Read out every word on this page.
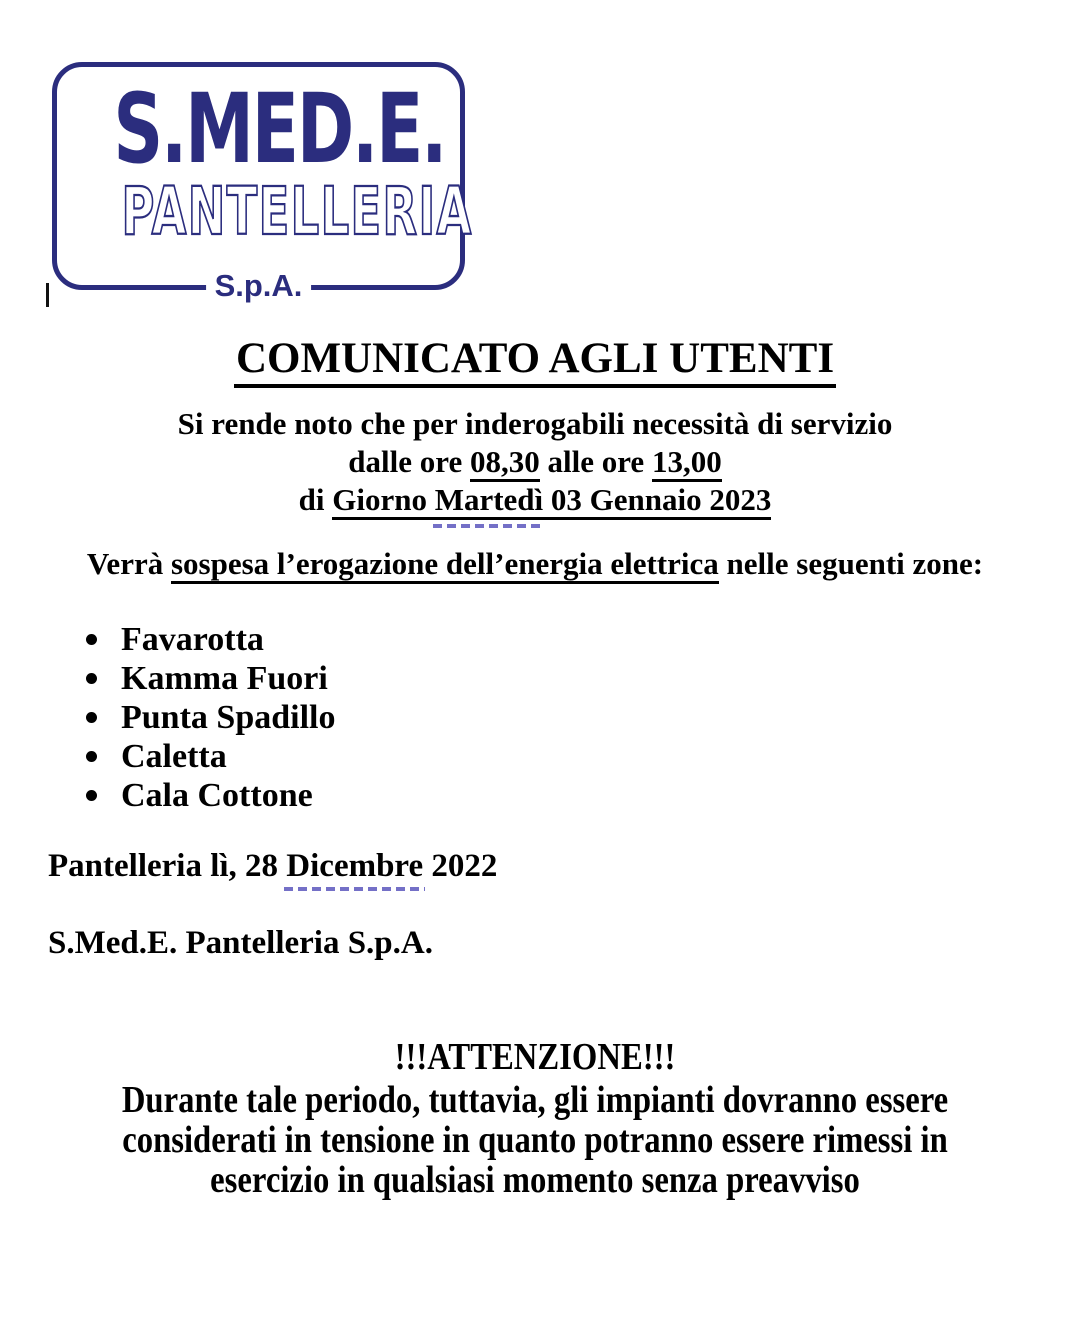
S.MED.E.
PANTELLERIA
S.p.A.
COMUNICATO AGLI UTENTI
Si rende noto che per inderogabili necessità di servizio
dalle ore 08,30 alle ore 13,00
di Giorno Martedì 03 Gennaio 2023
Verrà sospesa l’erogazione dell’energia elettrica nelle seguenti zone:
Favarotta
Kamma Fuori
Punta Spadillo
Caletta
Cala Cottone
Pantelleria lì, 28 Dicembre 2022
S.Med.E. Pantelleria S.p.A.
!!!ATTENZIONE!!!
Durante tale periodo, tuttavia, gli impianti dovranno essere
considerati in tensione in quanto potranno essere rimessi in
esercizio in qualsiasi momento senza preavviso
